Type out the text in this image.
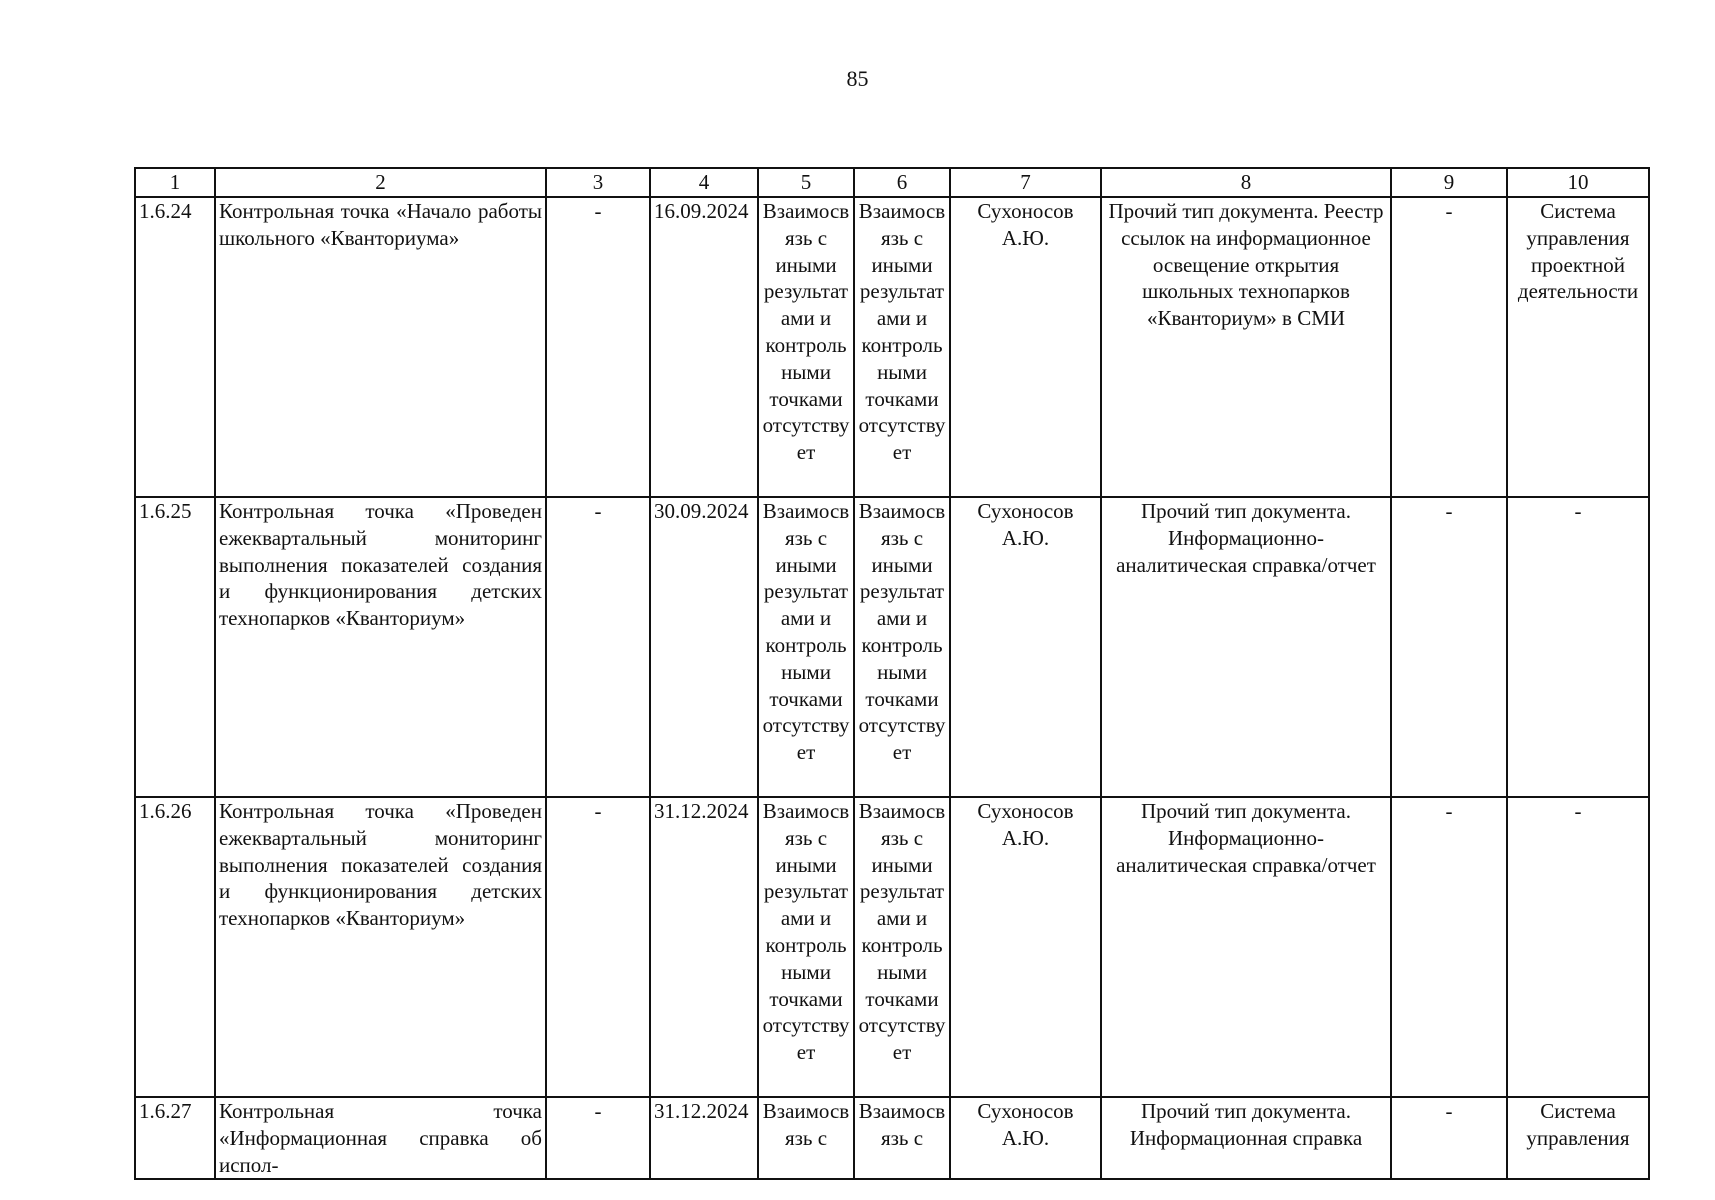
85
1	2	3	4	5	6	7	8	9	10
1.6.24	Контрольная точка «Начало работы школьного «Кванториума»	-	16.09.2024	Взаимосвязь с иными результатами и контрольными точками отсутствует	Взаимосвязь с иными результатами и контрольными точками отсутствует	Сухоносов А.Ю.	Прочий тип документа. Реестр ссылок на информационное освещение открытия школьных технопарков «Кванториум» в СМИ	-	Система управления проектной деятельности
1.6.25	Контрольная точка «Проведен ежеквартальный мониторинг выполнения показателей создания и функционирования детских технопарков «Кванториум»	-	30.09.2024	Взаимосвязь с иными результатами и контрольными точками отсутствует	Взаимосвязь с иными результатами и контрольными точками отсутствует	Сухоносов А.Ю.	Прочий тип документа. Информационно-аналитическая справка/отчет	-	-
1.6.26	Контрольная точка «Проведен ежеквартальный мониторинг выполнения показателей создания и функционирования детских технопарков «Кванториум»	-	31.12.2024	Взаимосвязь с иными результатами и контрольными точками отсутствует	Взаимосвязь с иными результатами и контрольными точками отсутствует	Сухоносов А.Ю.	Прочий тип документа. Информационно-аналитическая справка/отчет	-	-
1.6.27	Контрольная точка «Информационная справка об испол-	-	31.12.2024	Взаимосвязь с	Взаимосвязь с	Сухоносов А.Ю.	Прочий тип документа. Информационная справка	-	Система управления
